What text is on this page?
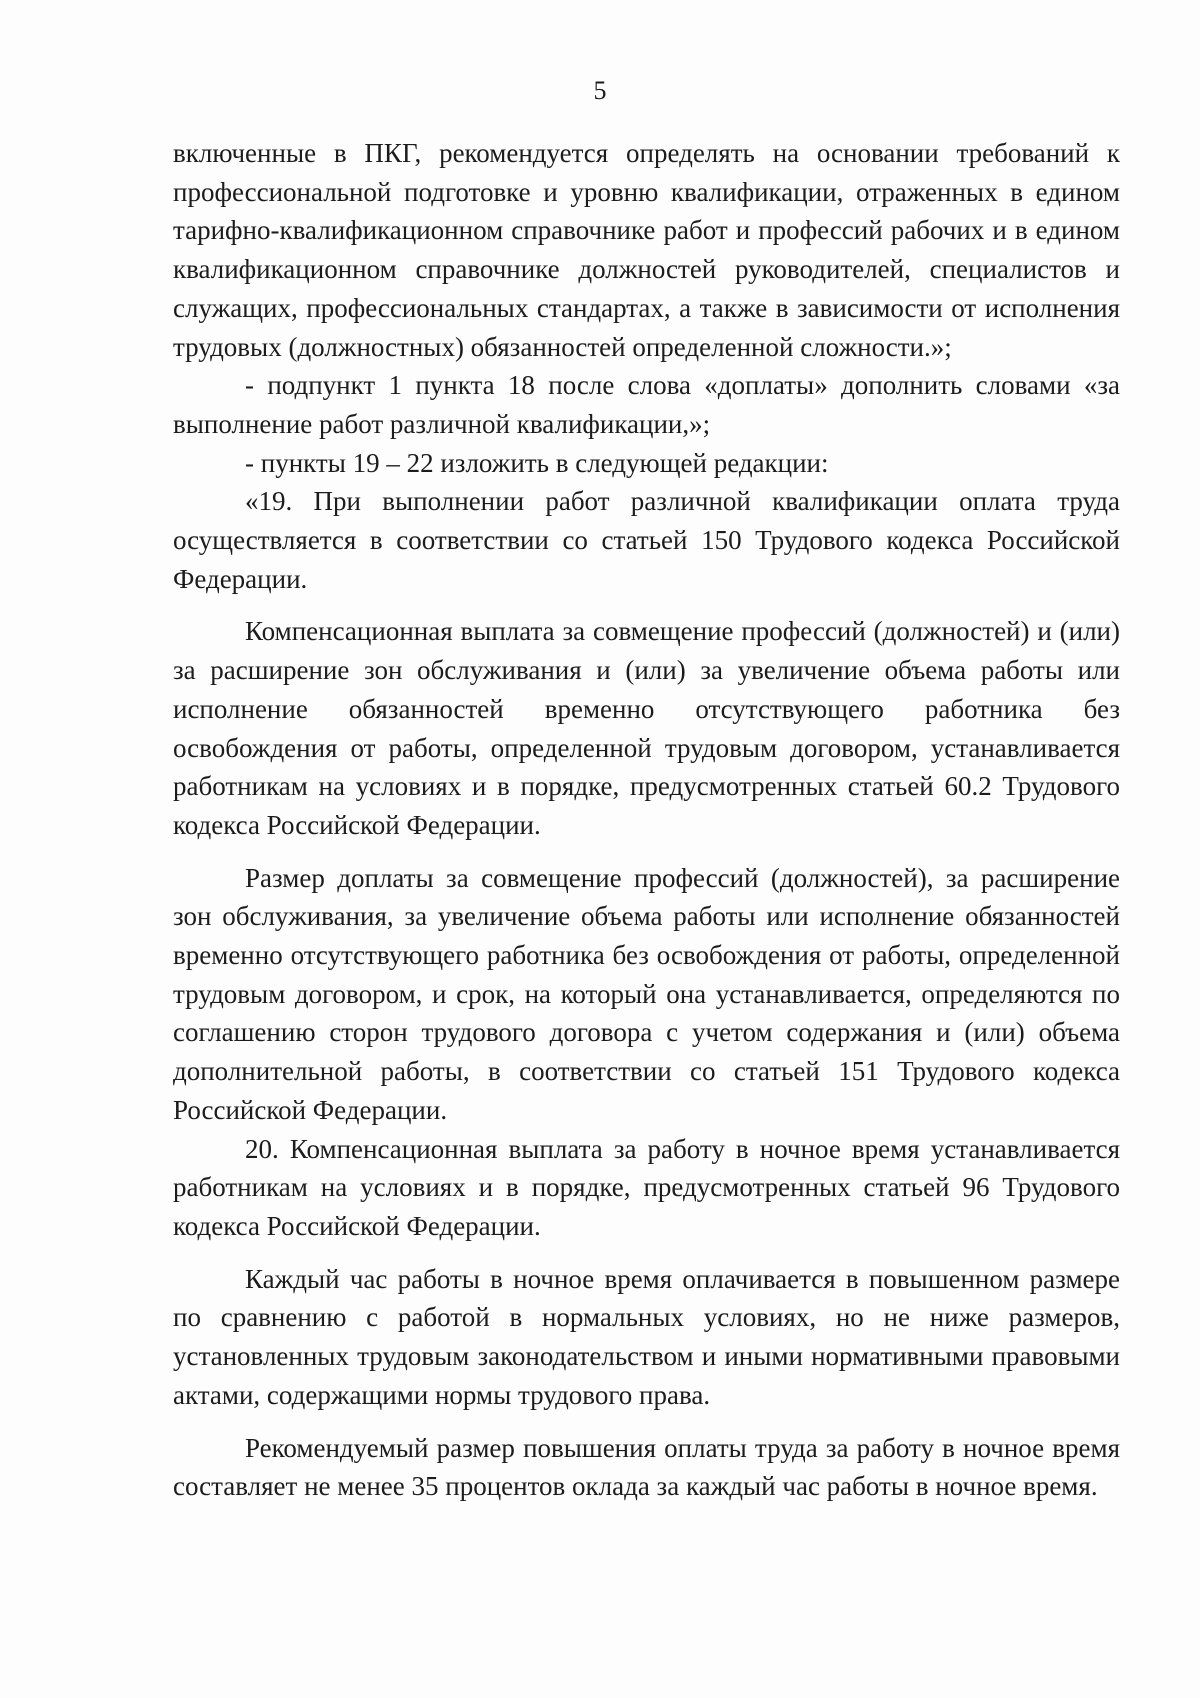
5

включенные в ПКГ, рекомендуется определять на основании требований к профессиональной подготовке и уровню квалификации, отраженных в едином тарифно-квалификационном справочнике работ и профессий рабочих и в едином квалификационном справочнике должностей руководителей, специалистов и служащих, профессиональных стандартах, а также в зависимости от исполнения трудовых (должностных) обязанностей определенной сложности.»;

- подпункт 1 пункта 18 после слова «доплаты» дополнить словами «за выполнение работ различной квалификации,»;

- пункты 19 – 22 изложить в следующей редакции:

«19. При выполнении работ различной квалификации оплата труда осуществляется в соответствии со статьей 150 Трудового кодекса Российской Федерации.

Компенсационная выплата за совмещение профессий (должностей) и (или) за расширение зон обслуживания и (или) за увеличение объема работы или исполнение обязанностей временно отсутствующего работника без освобождения от работы, определенной трудовым договором, устанавливается работникам на условиях и в порядке, предусмотренных статьей 60.2 Трудового кодекса Российской Федерации.

Размер доплаты за совмещение профессий (должностей), за расширение зон обслуживания, за увеличение объема работы или исполнение обязанностей временно отсутствующего работника без освобождения от работы, определенной трудовым договором, и срок, на который она устанавливается, определяются по соглашению сторон трудового договора с учетом содержания и (или) объема дополнительной работы, в соответствии со статьей 151 Трудового кодекса Российской Федерации.

20. Компенсационная выплата за работу в ночное время устанавливается работникам на условиях и в порядке, предусмотренных статьей 96 Трудового кодекса Российской Федерации.

Каждый час работы в ночное время оплачивается в повышенном размере по сравнению с работой в нормальных условиях, но не ниже размеров, установленных трудовым законодательством и иными нормативными правовыми актами, содержащими нормы трудового права.

Рекомендуемый размер повышения оплаты труда за работу в ночное время составляет не менее 35 процентов оклада за каждый час работы в ночное время.
